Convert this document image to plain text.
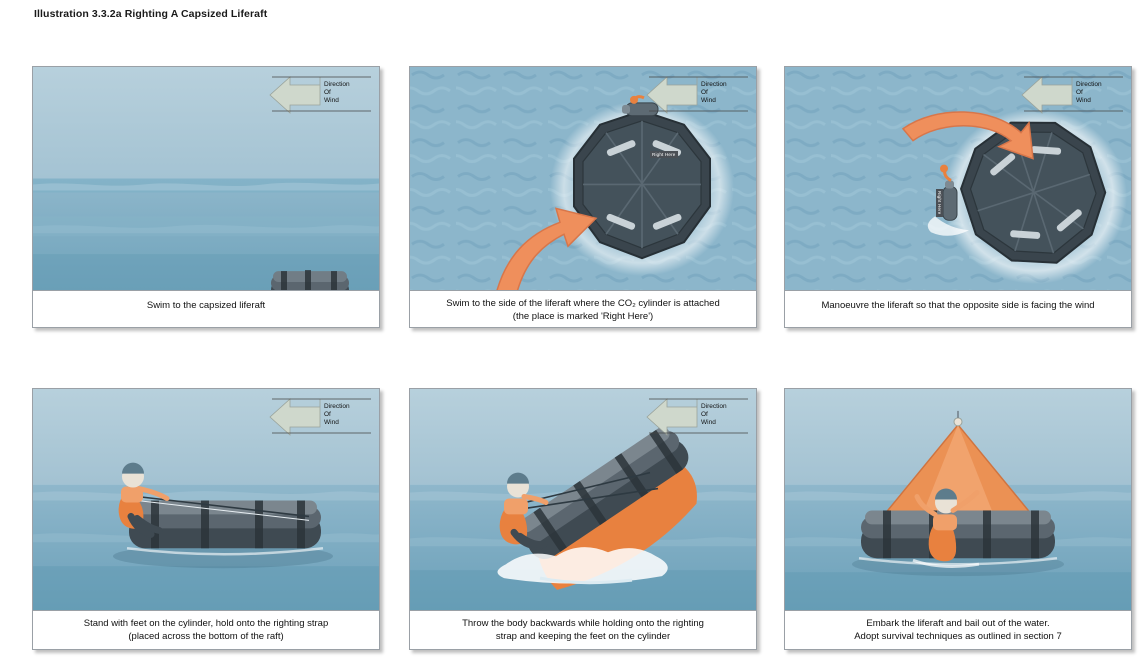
Illustration 3.3.2a Righting A Capsized Liferaft
Direction
Of
Wind
Swim to the capsized liferaft
Right Here
Direction
Of
Wind
Swim to the side of the liferaft where the CO₂ cylinder is attached
(the place is marked 'Right Here')
Right Here
Direction
Of
Wind
Manoeuvre the liferaft so that the opposite side is facing the wind
Direction
Of
Wind
Stand with feet on the cylinder, hold onto the righting strap
(placed across the bottom of the raft)
Direction
Of
Wind
Throw the body backwards while holding onto the righting
strap and keeping the feet on the cylinder
Embark the liferaft and bail out of the water.
Adopt survival techniques as outlined in section 7
